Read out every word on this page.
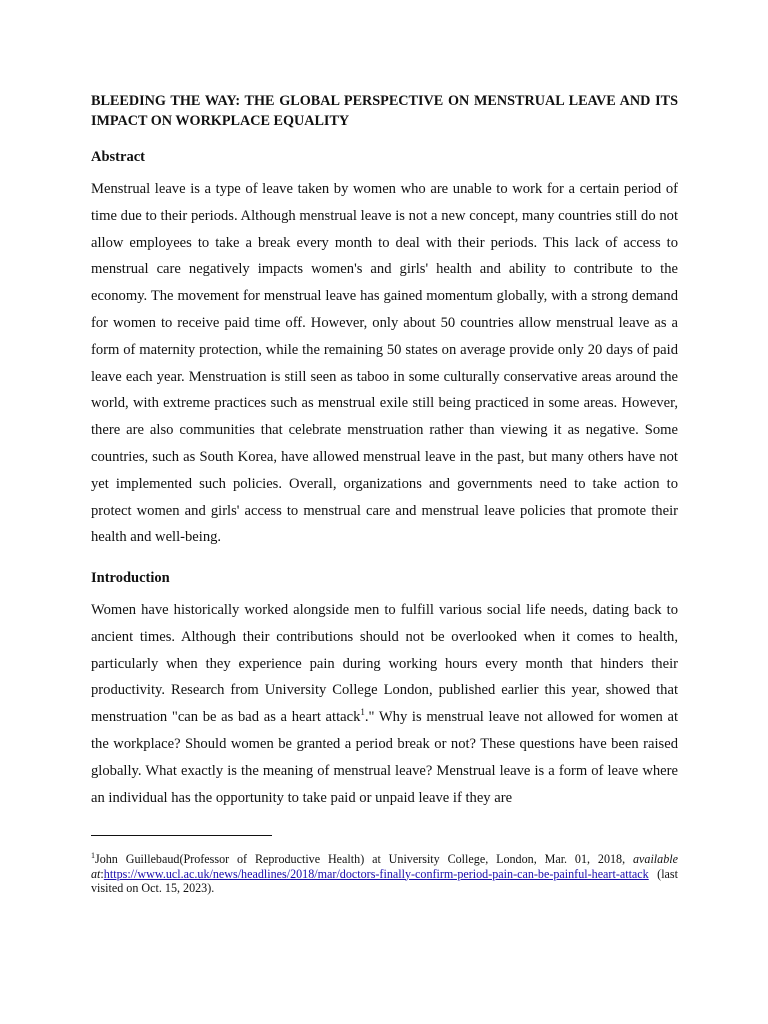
BLEEDING THE WAY: THE GLOBAL PERSPECTIVE ON MENSTRUAL LEAVE AND ITS IMPACT ON WORKPLACE EQUALITY
Abstract
Menstrual leave is a type of leave taken by women who are unable to work for a certain period of time due to their periods. Although menstrual leave is not a new concept, many countries still do not allow employees to take a break every month to deal with their periods. This lack of access to menstrual care negatively impacts women's and girls' health and ability to contribute to the economy. The movement for menstrual leave has gained momentum globally, with a strong demand for women to receive paid time off. However, only about 50 countries allow menstrual leave as a form of maternity protection, while the remaining 50 states on average provide only 20 days of paid leave each year. Menstruation is still seen as taboo in some culturally conservative areas around the world, with extreme practices such as menstrual exile still being practiced in some areas. However, there are also communities that celebrate menstruation rather than viewing it as negative. Some countries, such as South Korea, have allowed menstrual leave in the past, but many others have not yet implemented such policies. Overall, organizations and governments need to take action to protect women and girls' access to menstrual care and menstrual leave policies that promote their health and well-being.
Introduction
Women have historically worked alongside men to fulfill various social life needs, dating back to ancient times. Although their contributions should not be overlooked when it comes to health, particularly when they experience pain during working hours every month that hinders their productivity. Research from University College London, published earlier this year, showed that menstruation "can be as bad as a heart attack$^1$." Why is menstrual leave not allowed for women at the workplace? Should women be granted a period break or not? These questions have been raised globally. What exactly is the meaning of menstrual leave? Menstrual leave is a form of leave where an individual has the opportunity to take paid or unpaid leave if they are
$^1$John Guillebaud(Professor of Reproductive Health) at University College, London, Mar. 01, 2018, available at:https://www.ucl.ac.uk/news/headlines/2018/mar/doctors-finally-confirm-period-pain-can-be-painful-heart-attack (last visited on Oct. 15, 2023).
